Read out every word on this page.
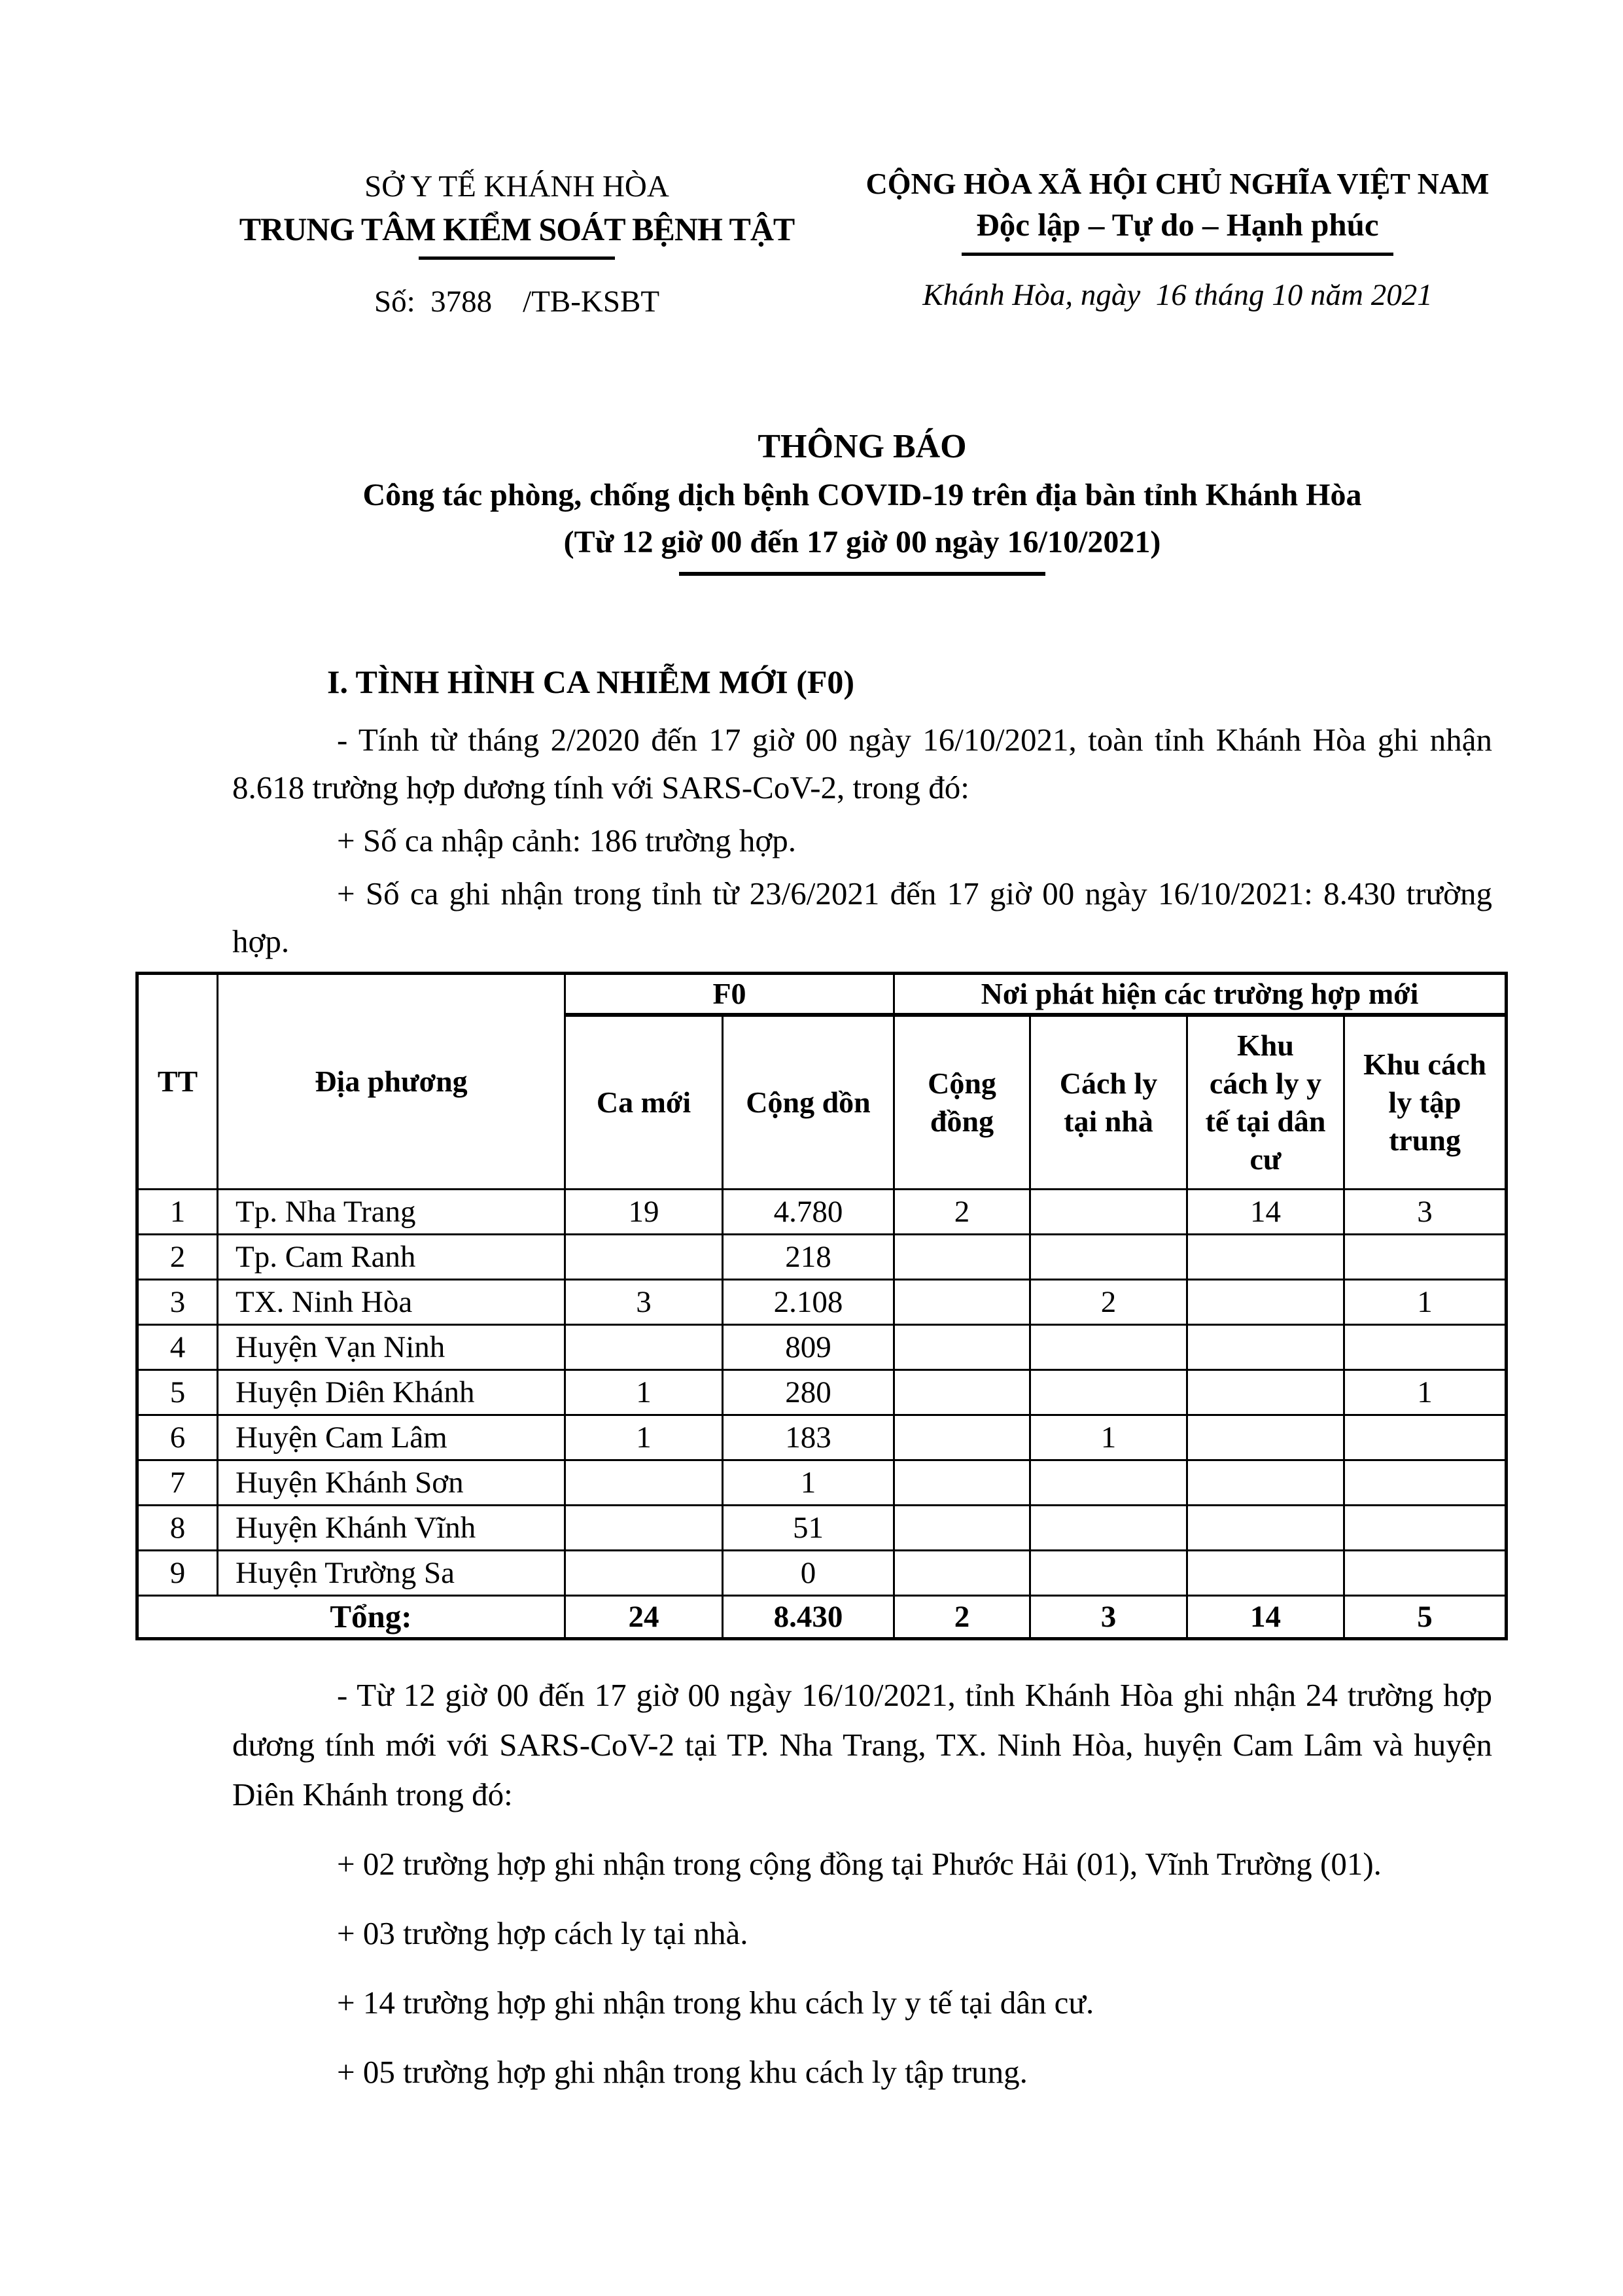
SỞ Y TẾ KHÁNH HÒA
TRUNG TÂM KIỂM SOÁT BỆNH TẬT
Số:  3788    /TB-KSBT
CỘNG HÒA XÃ HỘI CHỦ NGHĨA VIỆT NAM
Độc lập – Tự do – Hạnh phúc
Khánh Hòa, ngày  16 tháng 10 năm 2021
THÔNG BÁO
Công tác phòng, chống dịch bệnh COVID-19 trên địa bàn tỉnh Khánh Hòa
(Từ 12 giờ 00 đến 17 giờ 00 ngày 16/10/2021)
I. TÌNH HÌNH CA NHIỄM MỚI (F0)

- Tính từ tháng 2/2020 đến 17 giờ 00 ngày 16/10/2021, toàn tỉnh Khánh Hòa ghi nhận 8.618 trường hợp dương tính với SARS-CoV-2, trong đó:

+ Số ca nhập cảnh: 186 trường hợp.

+ Số ca ghi nhận trong tỉnh từ 23/6/2021 đến 17 giờ 00 ngày 16/10/2021: 8.430 trường hợp.

TT	Địa phương	F0		Nơi phát hiện các trường hợp mới			
		Ca mới	Cộng dồn	Cộng đồng	Cách ly tại nhà	Khu cách ly y tế tại dân cư	Khu cách ly tập trung
1	Tp. Nha Trang	19	4.780	2		14	3
2	Tp. Cam Ranh		218				
3	TX. Ninh Hòa	3	2.108		2		1
4	Huyện Vạn Ninh		809				
5	Huyện Diên Khánh	1	280				1
6	Huyện Cam Lâm	1	183		1		
7	Huyện Khánh Sơn		1				
8	Huyện Khánh Vĩnh		51				
9	Huyện Trường Sa		0				
Tổng:		24	8.430	2	3	14	5

- Từ 12 giờ 00 đến 17 giờ 00 ngày 16/10/2021, tỉnh Khánh Hòa ghi nhận 24 trường hợp dương tính mới với SARS-CoV-2 tại TP. Nha Trang, TX. Ninh Hòa, huyện Cam Lâm và huyện Diên Khánh trong đó:

+ 02 trường hợp ghi nhận trong cộng đồng tại Phước Hải (01), Vĩnh Trường (01).

+ 03 trường hợp cách ly tại nhà.

+ 14 trường hợp ghi nhận trong khu cách ly y tế tại dân cư.

+ 05 trường hợp ghi nhận trong khu cách ly tập trung.
